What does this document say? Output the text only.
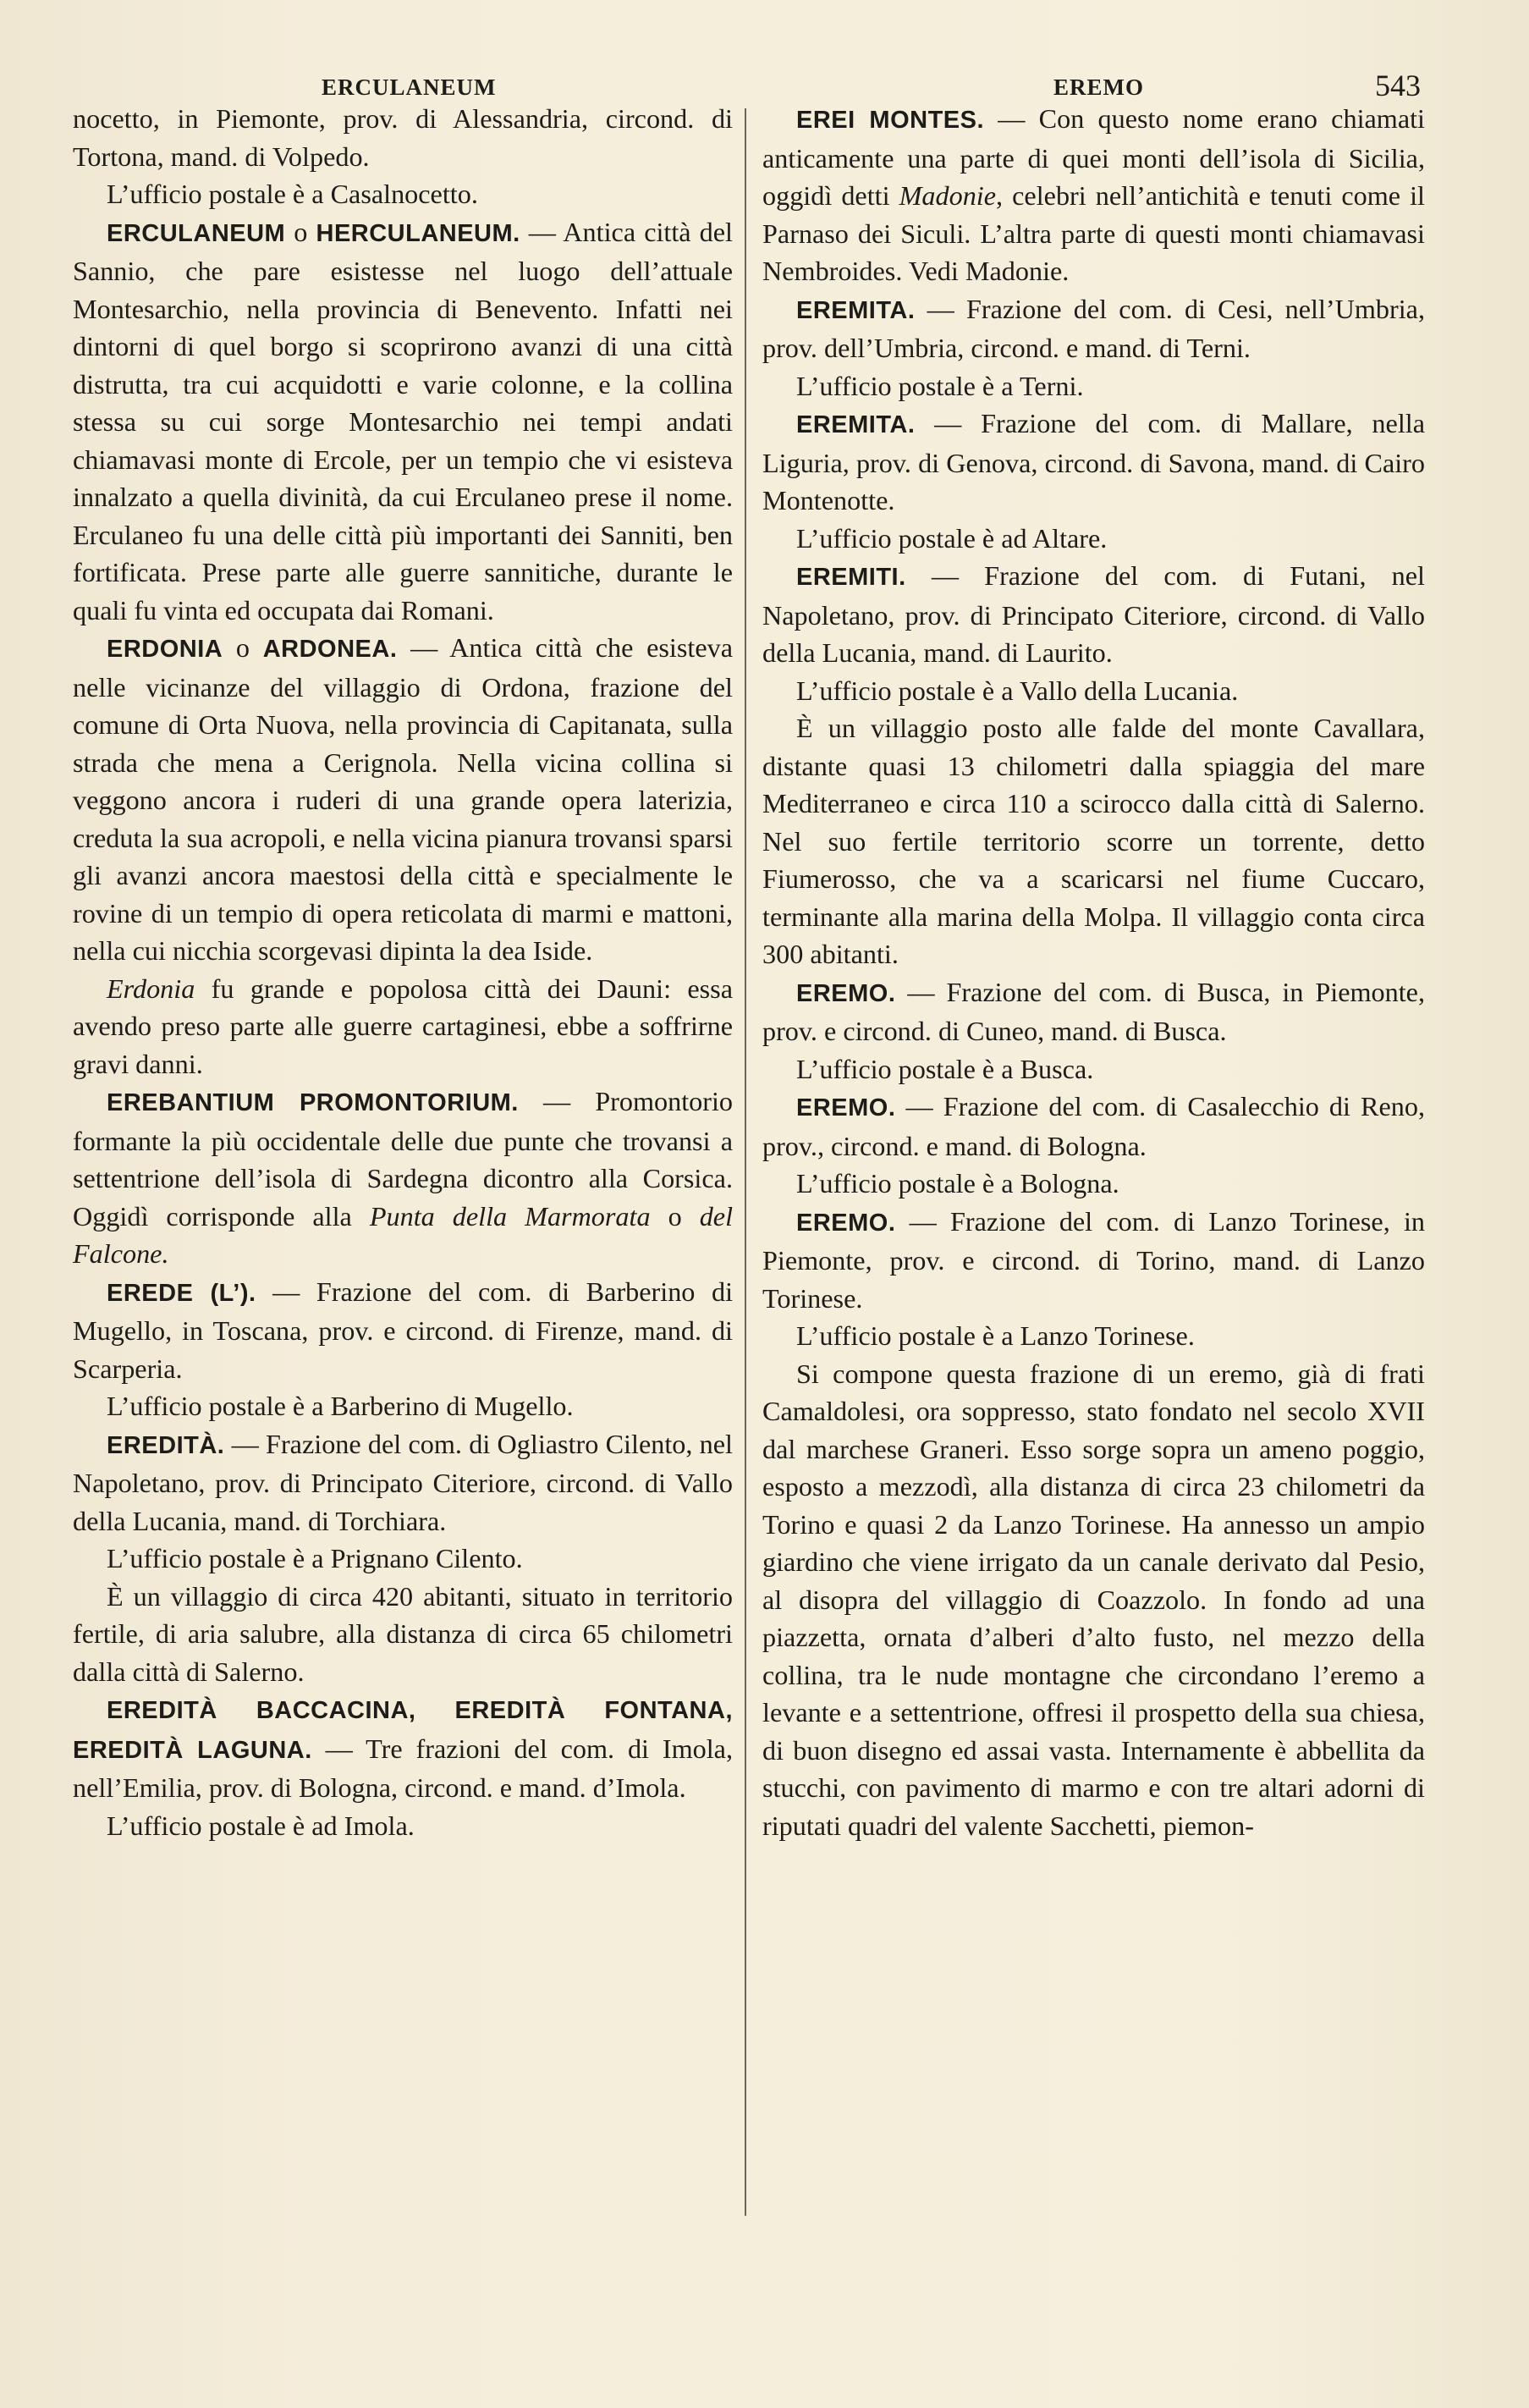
ERCULANEUM	EREMO	543

nocetto, in Piemonte, prov. di Alessandria, circond. di Tortona, mand. di Volpedo.

L’ufficio postale è a Casalnocetto.

ERCULANEUM o HERCULANEUM. — Antica città del Sannio, che pare esistesse nel luogo dell’attuale Montesarchio, nella provincia di Benevento. Infatti nei dintorni di quel borgo si scoprirono avanzi di una città distrutta, tra cui acquidotti e varie colonne, e la collina stessa su cui sorge Montesarchio nei tempi andati chiamavasi monte di Ercole, per un tempio che vi esisteva innalzato a quella divinità, da cui Erculaneo prese il nome. Erculaneo fu una delle città più importanti dei Sanniti, ben fortificata. Prese parte alle guerre sannitiche, durante le quali fu vinta ed occupata dai Romani.

ERDONIA o ARDONEA. — Antica città che esisteva nelle vicinanze del villaggio di Ordona, frazione del comune di Orta Nuova, nella provincia di Capitanata, sulla strada che mena a Cerignola. Nella vicina collina si veggono ancora i ruderi di una grande opera laterizia, creduta la sua acropoli, e nella vicina pianura trovansi sparsi gli avanzi ancora maestosi della città e specialmente le rovine di un tempio di opera reticolata di marmi e mattoni, nella cui nicchia scorgevasi dipinta la dea Iside.

Erdonia fu grande e popolosa città dei Dauni: essa avendo preso parte alle guerre cartaginesi, ebbe a soffrirne gravi danni.

EREBANTIUM PROMONTORIUM. — Promontorio formante la più occidentale delle due punte che trovansi a settentrione dell’isola di Sardegna dicontro alla Corsica. Oggidì corrisponde alla Punta della Marmorata o del Falcone.

EREDE (L’). — Frazione del com. di Barberino di Mugello, in Toscana, prov. e circond. di Firenze, mand. di Scarperia.

L’ufficio postale è a Barberino di Mugello.

EREDITÀ. — Frazione del com. di Ogliastro Cilento, nel Napoletano, prov. di Principato Citeriore, circond. di Vallo della Lucania, mand. di Torchiara.

L’ufficio postale è a Prignano Cilento.

È un villaggio di circa 420 abitanti, situato in territorio fertile, di aria salubre, alla distanza di circa 65 chilometri dalla città di Salerno.

EREDITÀ BACCACINA, EREDITÀ FONTANA, EREDITÀ LAGUNA. — Tre frazioni del com. di Imola, nell’Emilia, prov. di Bologna, circond. e mand. d’Imola.

L’ufficio postale è ad Imola.

EREI MONTES. — Con questo nome erano chiamati anticamente una parte di quei monti dell’isola di Sicilia, oggidì detti Madonie, celebri nell’antichità e tenuti come il Parnaso dei Siculi. L’altra parte di questi monti chiamavasi Nembroides. Vedi Madonie.

EREMITA. — Frazione del com. di Cesi, nell’Umbria, prov. dell’Umbria, circond. e mand. di Terni.

L’ufficio postale è a Terni.

EREMITA. — Frazione del com. di Mallare, nella Liguria, prov. di Genova, circond. di Savona, mand. di Cairo Montenotte.

L’ufficio postale è ad Altare.

EREMITI. — Frazione del com. di Futani, nel Napoletano, prov. di Principato Citeriore, circond. di Vallo della Lucania, mand. di Laurito.

L’ufficio postale è a Vallo della Lucania.

È un villaggio posto alle falde del monte Cavallara, distante quasi 13 chilometri dalla spiaggia del mare Mediterraneo e circa 110 a scirocco dalla città di Salerno. Nel suo fertile territorio scorre un torrente, detto Fiumerosso, che va a scaricarsi nel fiume Cuccaro, terminante alla marina della Molpa. Il villaggio conta circa 300 abitanti.

EREMO. — Frazione del com. di Busca, in Piemonte, prov. e circond. di Cuneo, mand. di Busca.

L’ufficio postale è a Busca.

EREMO. — Frazione del com. di Casalecchio di Reno, prov., circond. e mand. di Bologna.

L’ufficio postale è a Bologna.

EREMO. — Frazione del com. di Lanzo Torinese, in Piemonte, prov. e circond. di Torino, mand. di Lanzo Torinese.

L’ufficio postale è a Lanzo Torinese.

Si compone questa frazione di un eremo, già di frati Camaldolesi, ora soppresso, stato fondato nel secolo XVII dal marchese Graneri. Esso sorge sopra un ameno poggio, esposto a mezzodì, alla distanza di circa 23 chilometri da Torino e quasi 2 da Lanzo Torinese. Ha annesso un ampio giardino che viene irrigato da un canale derivato dal Pesio, al disopra del villaggio di Coazzolo. In fondo ad una piazzetta, ornata d’alberi d’alto fusto, nel mezzo della collina, tra le nude montagne che circondano l’eremo a levante e a settentrione, offresi il prospetto della sua chiesa, di buon disegno ed assai vasta. Internamente è abbellita da stucchi, con pavimento di marmo e con tre altari adorni di riputati quadri del valente Sacchetti, piemon-
